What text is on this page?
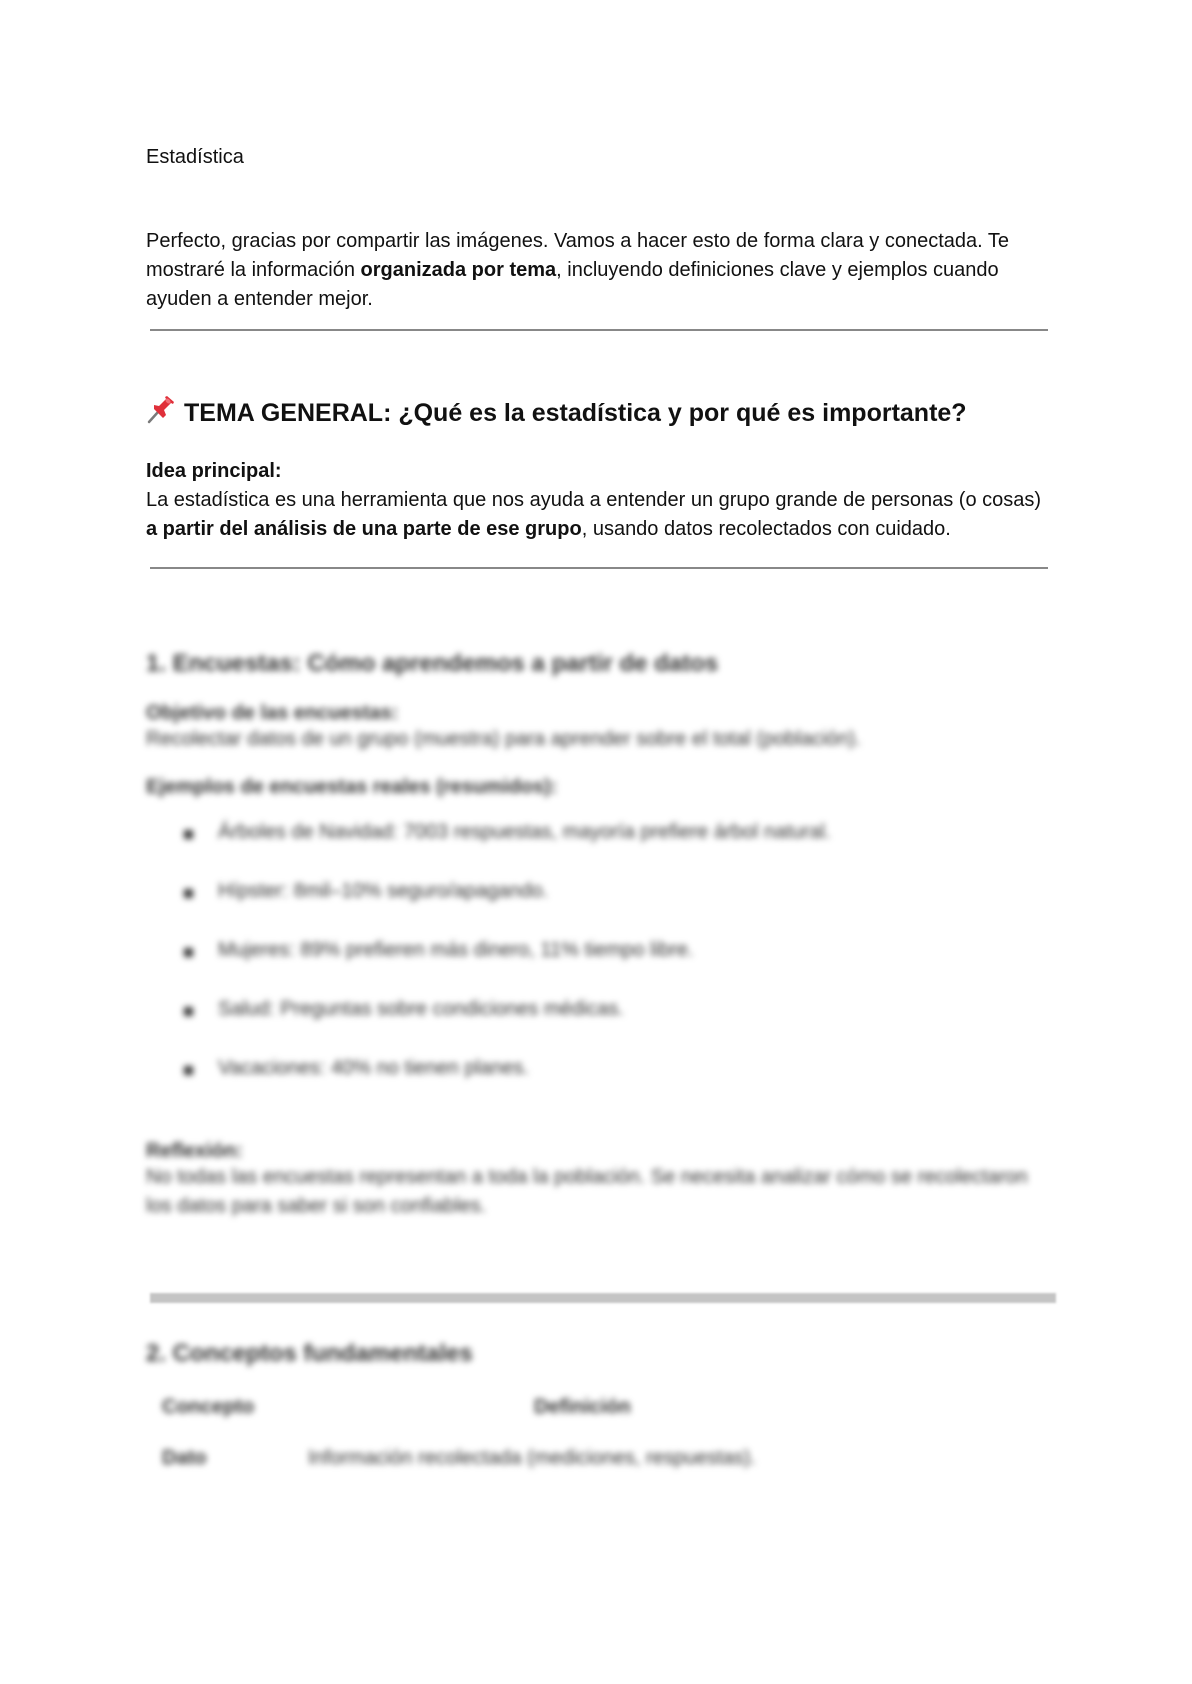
Estadística

Perfecto, gracias por compartir las imágenes. Vamos a hacer esto de forma clara y conectada. Te mostraré la información organizada por tema, incluyendo definiciones clave y ejemplos cuando ayuden a entender mejor.

TEMA GENERAL: ¿Qué es la estadística y por qué es importante?

Idea principal:

La estadística es una herramienta que nos ayuda a entender un grupo grande de personas (o cosas) a partir del análisis de una parte de ese grupo, usando datos recolectados con cuidado.

1. Encuestas: Cómo aprendemos a partir de datos

Objetivo de las encuestas:

Recolectar datos de un grupo (muestra) para aprender sobre el total (población).

Ejemplos de encuestas reales (resumidos):

Árboles de Navidad: 7003 respuestas, mayoría prefiere árbol natural.
Hípster: 8mil–10% seguro/apagando.
Mujeres: 89% prefieren más dinero, 11% tiempo libre.
Salud: Preguntas sobre condiciones médicas.
Vacaciones: 40% no tienen planes.

Reflexión:

No todas las encuestas representan a toda la población. Se necesita analizar cómo se recolectaron los datos para saber si son confiables.

2. Conceptos fundamentales
Concepto	Definición
Dato	Información recolectada (mediciones, respuestas).
